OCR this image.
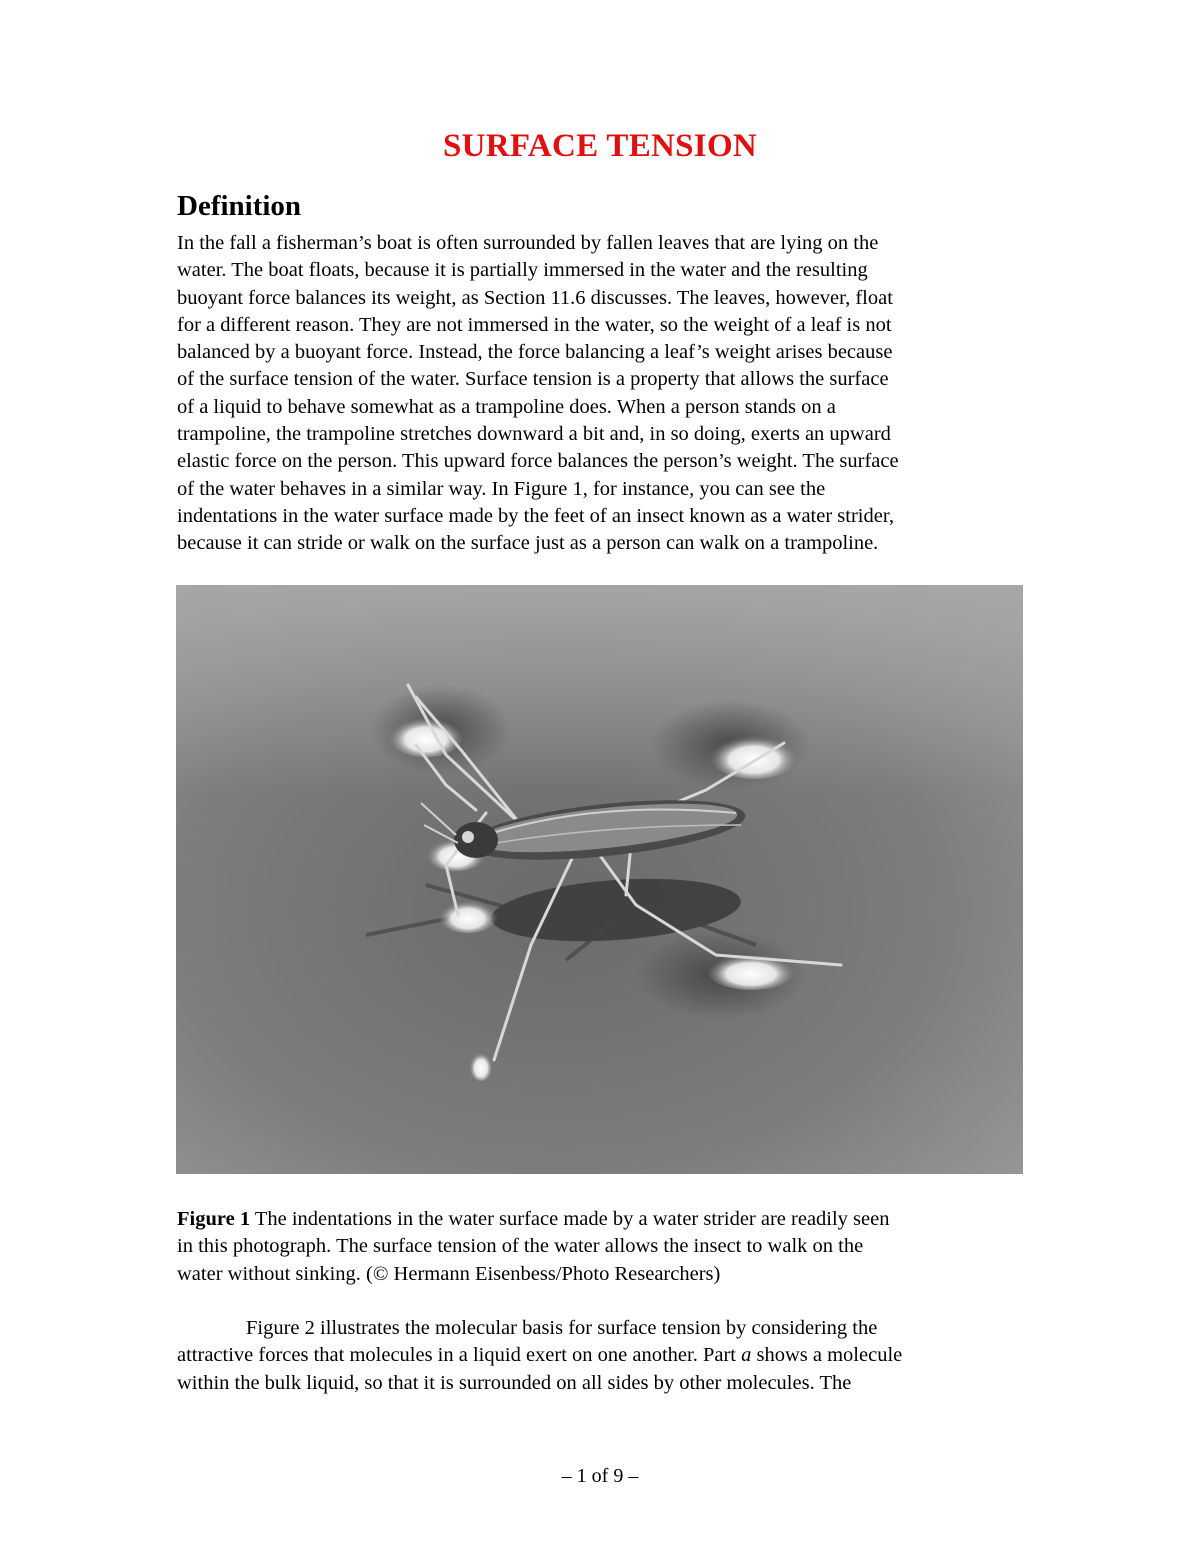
SURFACE TENSION
Definition
In the fall a fisherman’s boat is often surrounded by fallen leaves that are lying on the
water. The boat floats, because it is partially immersed in the water and the resulting
buoyant force balances its weight, as Section 11.6 discusses. The leaves, however, float
for a different reason. They are not immersed in the water, so the weight of a leaf is not
balanced by a buoyant force. Instead, the force balancing a leaf’s weight arises because
of the surface tension of the water. Surface tension is a property that allows the surface
of a liquid to behave somewhat as a trampoline does. When a person stands on a
trampoline, the trampoline stretches downward a bit and, in so doing, exerts an upward
elastic force on the person. This upward force balances the person’s weight. The surface
of the water behaves in a similar way. In Figure 1, for instance, you can see the
indentations in the water surface made by the feet of an insect known as a water strider,
because it can stride or walk on the surface just as a person can walk on a trampoline.
Figure 1 The indentations in the water surface made by a water strider are readily seen
in this photograph. The surface tension of the water allows the insect to walk on the
water without sinking. (© Hermann Eisenbess/Photo Researchers)
Figure 2 illustrates the molecular basis for surface tension by considering the
attractive forces that molecules in a liquid exert on one another. Part a shows a molecule
within the bulk liquid, so that it is surrounded on all sides by other molecules. The
– 1 of 9 –
